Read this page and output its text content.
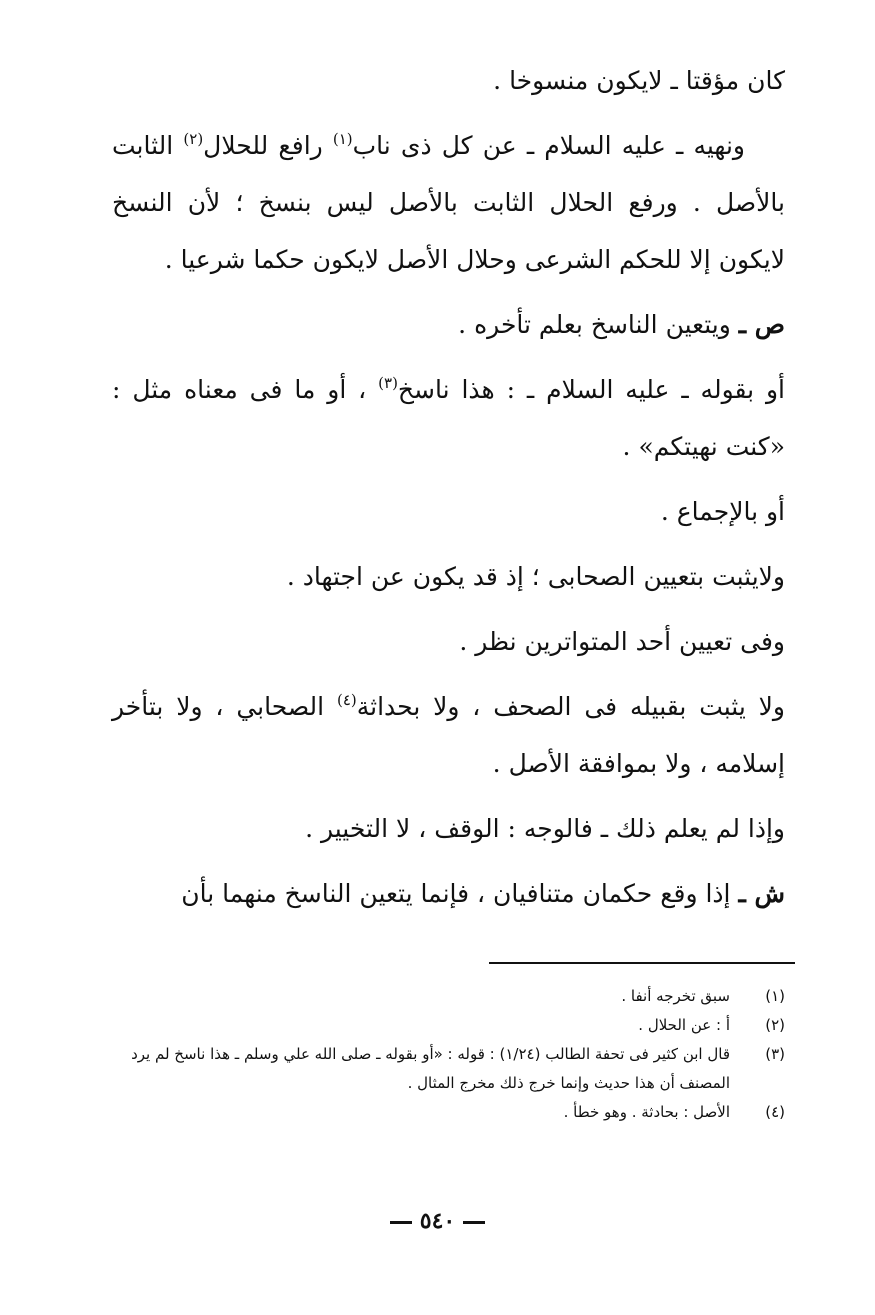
كان مؤقتا ـ لايكون منسوخا .

ونهيه ـ عليه السلام ـ عن كل ذى ناب$^{(١)}$ رافع للحلال$^{(٢)}$ الثابت بالأصل . ورفع الحلال الثابت بالأصل ليس بنسخ ؛ لأن النسخ لايكون إلا للحكم الشرعى وحلال الأصل لايكون حكما شرعيا .

ص ـ ويتعين الناسخ بعلم تأخره .

أو بقوله ـ عليه السلام ـ : هذا ناسخ$^{(٣)}$ ، أو ما فى معناه مثل : «كنت نهيتكم» .

أو بالإجماع .

ولايثبت بتعيين الصحابى ؛ إذ قد يكون عن اجتهاد .

وفى تعيين أحد المتواترين نظر .

ولا يثبت بقبيله فى الصحف ، ولا بحداثة$^{(٤)}$ الصحابي ، ولا بتأخر إسلامه ، ولا بموافقة الأصل .

وإذا لم يعلم ذلك ـ فالوجه : الوقف ، لا التخيير .

ش ـ إذا وقع حكمان متنافيان ، فإنما يتعين الناسخ منهما بأن

(١)
سبق تخرجه أنفا .
(٢)
أ : عن الحلال .
(٣)
قال ابن كثير فى تحفة الطالب (١/٢٤) : قوله : «أو بقوله ـ صلى الله علي وسلم ـ هذا ناسخ لم يرد المصنف أن هذا حديث وإنما خرج ذلك مخرج المثال .
(٤)
الأصل : بحادثة . وهو خطأ .
٥٤٠
